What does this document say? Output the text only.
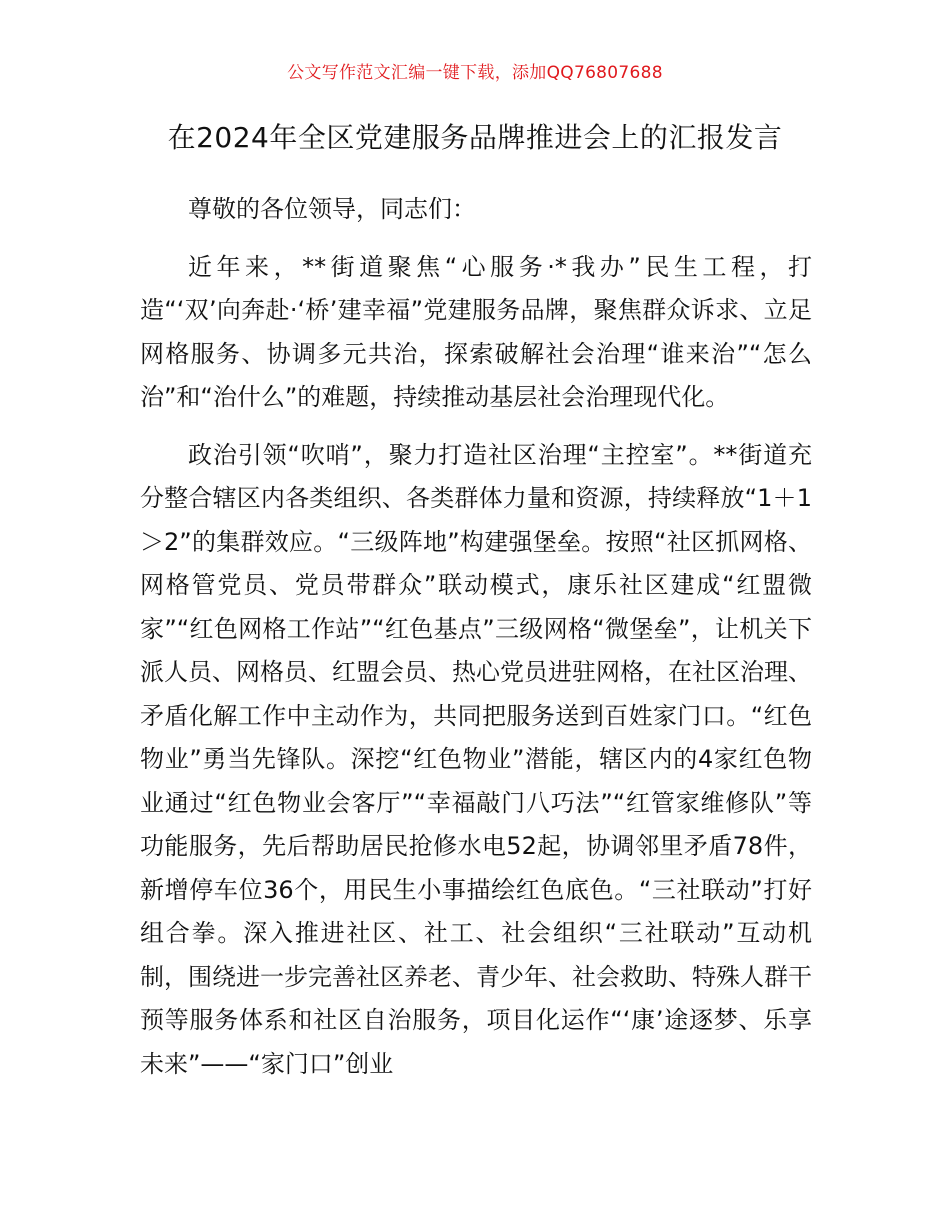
公文写作范文汇编一键下载，添加QQ76807688
在2024年全区党建服务品牌推进会上的汇报发言

尊敬的各位领导，同志们：

近年来，**街道聚焦“心服务·*我办”民生工程，打造“‘双’向奔赴·‘桥’建幸福”党建服务品牌，聚焦群众诉求、立足网格服务、协调多元共治，探索破解社会治理“谁来治”“怎么治”和“治什么”的难题，持续推动基层社会治理现代化。

政治引领“吹哨”，聚力打造社区治理“主控室”。**街道充分整合辖区内各类组织、各类群体力量和资源，持续释放“1＋1＞2”的集群效应。“三级阵地”构建强堡垒。按照“社区抓网格、网格管党员、党员带群众”联动模式，康乐社区建成“红盟微家”“红色网格工作站”“红色基点”三级网格“微堡垒”，让机关下派人员、网格员、红盟会员、热心党员进驻网格，在社区治理、矛盾化解工作中主动作为，共同把服务送到百姓家门口。“红色物业”勇当先锋队。深挖“红色物业”潜能，辖区内的4家红色物业通过“红色物业会客厅”“幸福敲门八巧法”“红管家维修队”等功能服务，先后帮助居民抢修水电52起，协调邻里矛盾78件，新增停车位36个，用民生小事描绘红色底色。“三社联动”打好组合拳。深入推进社区、社工、社会组织“三社联动”互动机制，围绕进一步完善社区养老、青少年、社会救助、特殊人群干预等服务体系和社区自治服务，项目化运作“‘康’途逐梦、乐享未来”——“家门口”创业
